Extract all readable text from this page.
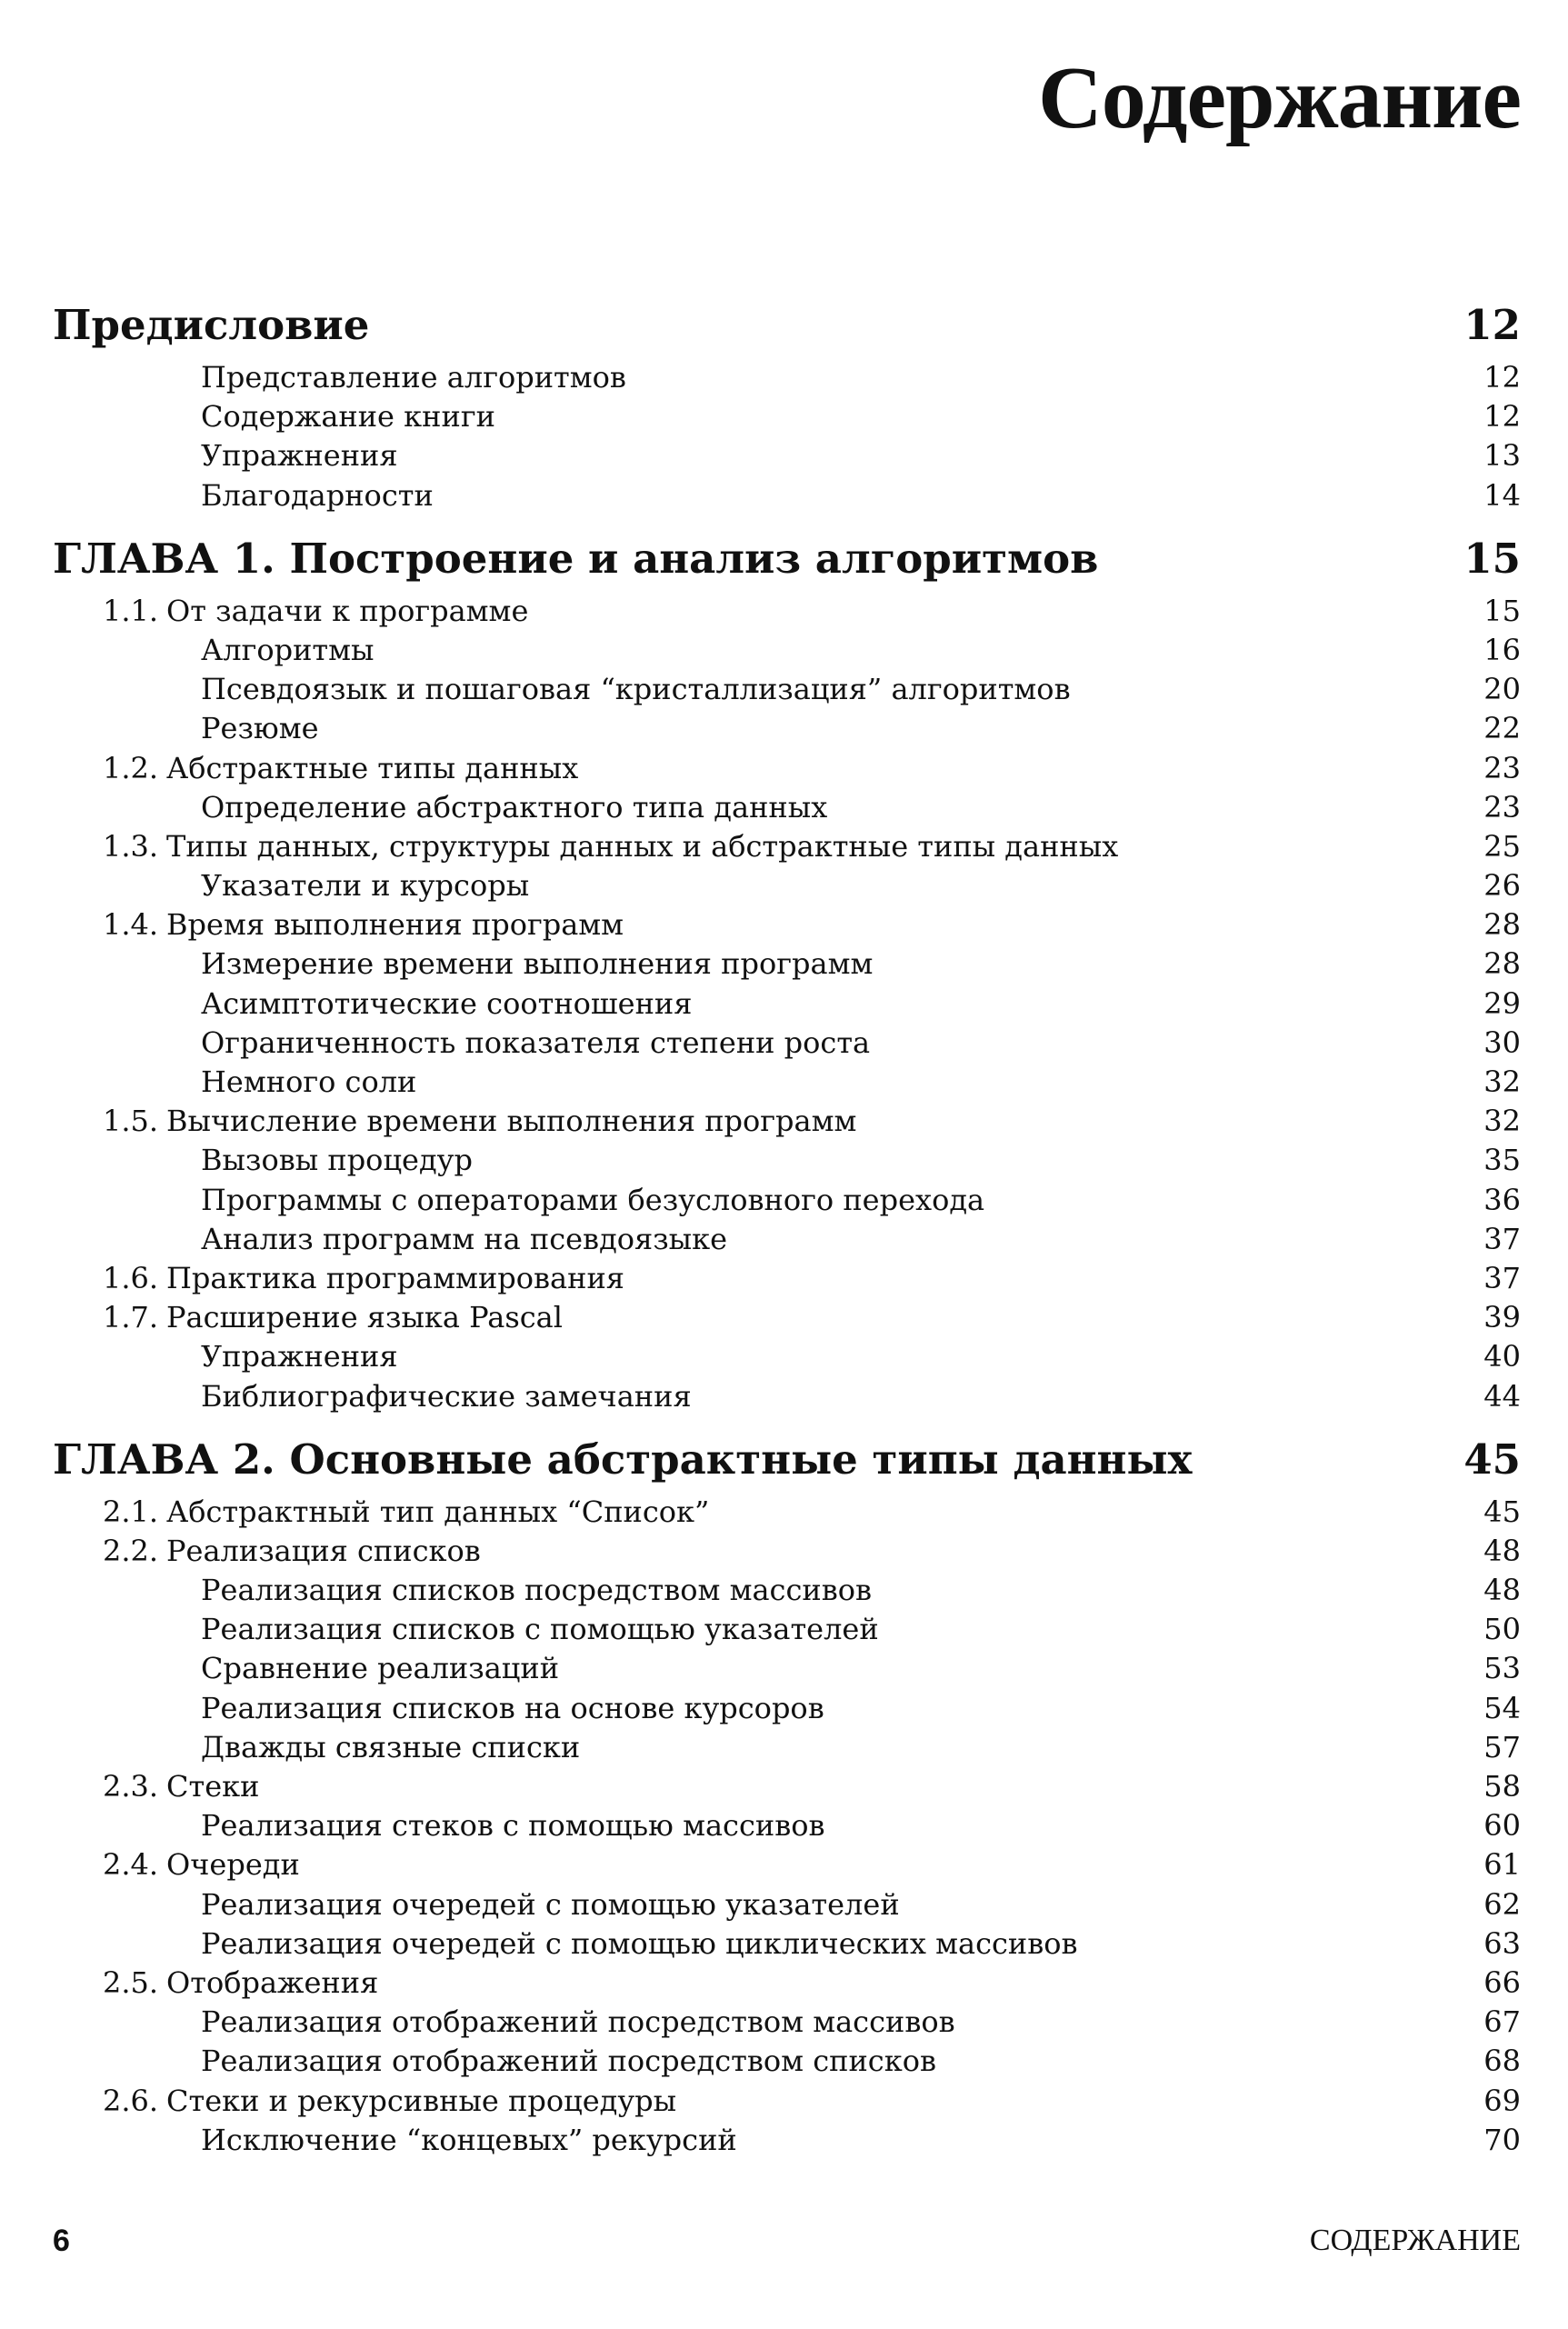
Содержание
Предисловие	12
Представление алгоритмов	12
Содержание книги	12
Упражнения	13
Благодарности	14
ГЛАВА 1. Построение и анализ алгоритмов	15
1.1. От задачи к программе	15
Алгоритмы	16
Псевдоязык и пошаговая “кристаллизация” алгоритмов	20
Резюме	22
1.2. Абстрактные типы данных	23
Определение абстрактного типа данных	23
1.3. Типы данных, структуры данных и абстрактные типы данных	25
Указатели и курсоры	26
1.4. Время выполнения программ	28
Измерение времени выполнения программ	28
Асимптотические соотношения	29
Ограниченность показателя степени роста	30
Немного соли	32
1.5. Вычисление времени выполнения программ	32
Вызовы процедур	35
Программы с операторами безусловного перехода	36
Анализ программ на псевдоязыке	37
1.6. Практика программирования	37
1.7. Расширение языка Pascal	39
Упражнения	40
Библиографические замечания	44
ГЛАВА 2. Основные абстрактные типы данных	45
2.1. Абстрактный тип данных “Список”	45
2.2. Реализация списков	48
Реализация списков посредством массивов	48
Реализация списков с помощью указателей	50
Сравнение реализаций	53
Реализация списков на основе курсоров	54
Дважды связные списки	57
2.3. Стеки	58
Реализация стеков с помощью массивов	60
2.4. Очереди	61
Реализация очередей с помощью указателей	62
Реализация очередей с помощью циклических массивов	63
2.5. Отображения	66
Реализация отображений посредством массивов	67
Реализация отображений посредством списков	68
2.6. Стеки и рекурсивные процедуры	69
Исключение “концевых” рекурсий	70
6	СОДЕРЖАНИЕ
